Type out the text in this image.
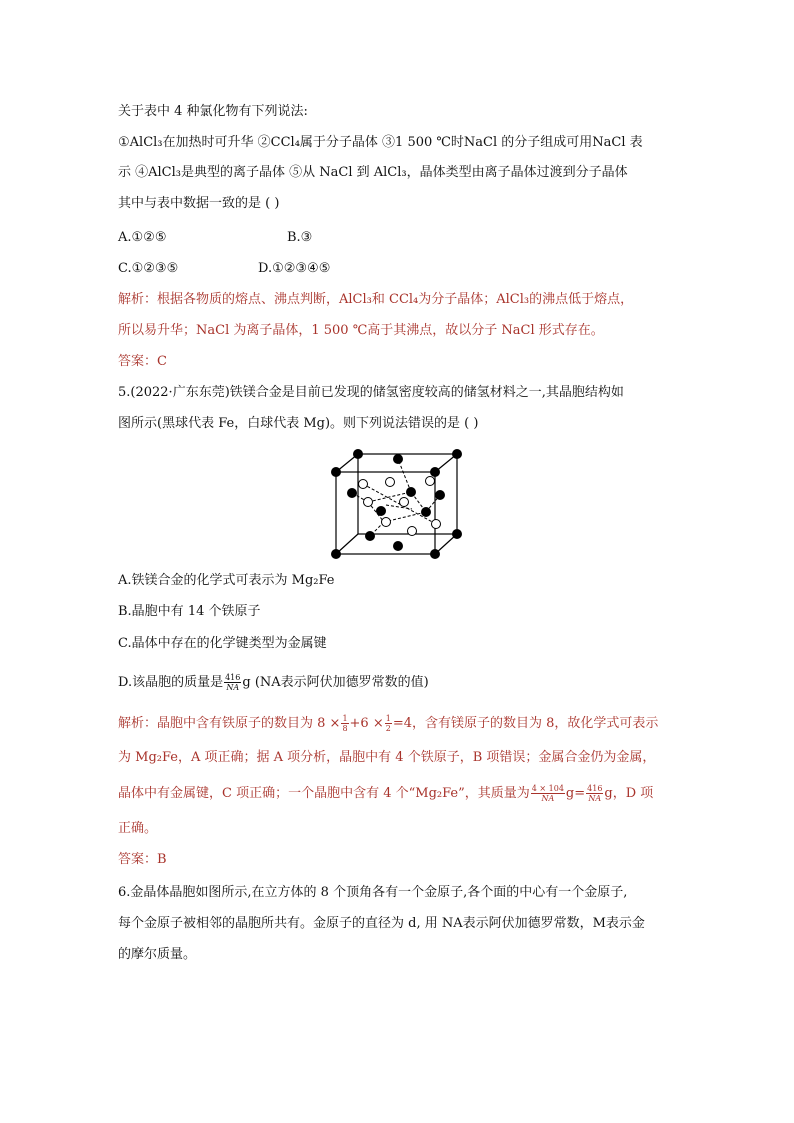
关于表中 4 种氯化物有下列说法:
①AlCl₃在加热时可升华 ②CCl₄属于分子晶体 ③1 500 ℃时NaCl 的分子组成可用NaCl 表
示 ④AlCl₃是典型的离子晶体 ⑤从 NaCl 到 AlCl₃，晶体类型由离子晶体过渡到分子晶体
其中与表中数据一致的是 ( )
A.①②⑤	B.③
C.①②③⑤	D.①②③④⑤
解析：根据各物质的熔点、沸点判断，AlCl₃和 CCl₄为分子晶体；AlCl₃的沸点低于熔点，
所以易升华；NaCl 为离子晶体，1 500 ℃高于其沸点，故以分子 NaCl 形式存在。
答案：C
5.(2022·广东东莞)铁镁合金是目前已发现的储氢密度较高的储氢材料之一,其晶胞结构如
图所示(黑球代表 Fe，白球代表 Mg)。则下列说法错误的是 ( )
A.铁镁合金的化学式可表示为 Mg₂Fe
B.晶胞中有 14 个铁原子
C.晶体中存在的化学键类型为金属键
D.该晶胞的质量是 $\frac{416}{NA}$ g (NA表示阿伏加德罗常数的值)
解析：晶胞中含有铁原子的数目为 $8 \times \frac{1}{8} +6 \times \frac{1}{2} =4$，含有镁原子的数目为 8，故化学式可表示
为 Mg₂Fe，A 项正确；据 A 项分析，晶胞中有 4 个铁原子，B 项错误；金属合金仍为金属，
晶体中有金属键，C 项正确；一个晶胞中含有 4 个“Mg₂Fe”，其质量为 $\frac{4 \times 104}{NA} g= \frac{416}{NA}$ g，D 项
正确。
答案：B
6.金晶体晶胞如图所示,在立方体的 8 个顶角各有一个金原子,各个面的中心有一个金原子,
每个金原子被相邻的晶胞所共有。金原子的直径为 d, 用 NA表示阿伏加德罗常数，M表示金
的摩尔质量。
